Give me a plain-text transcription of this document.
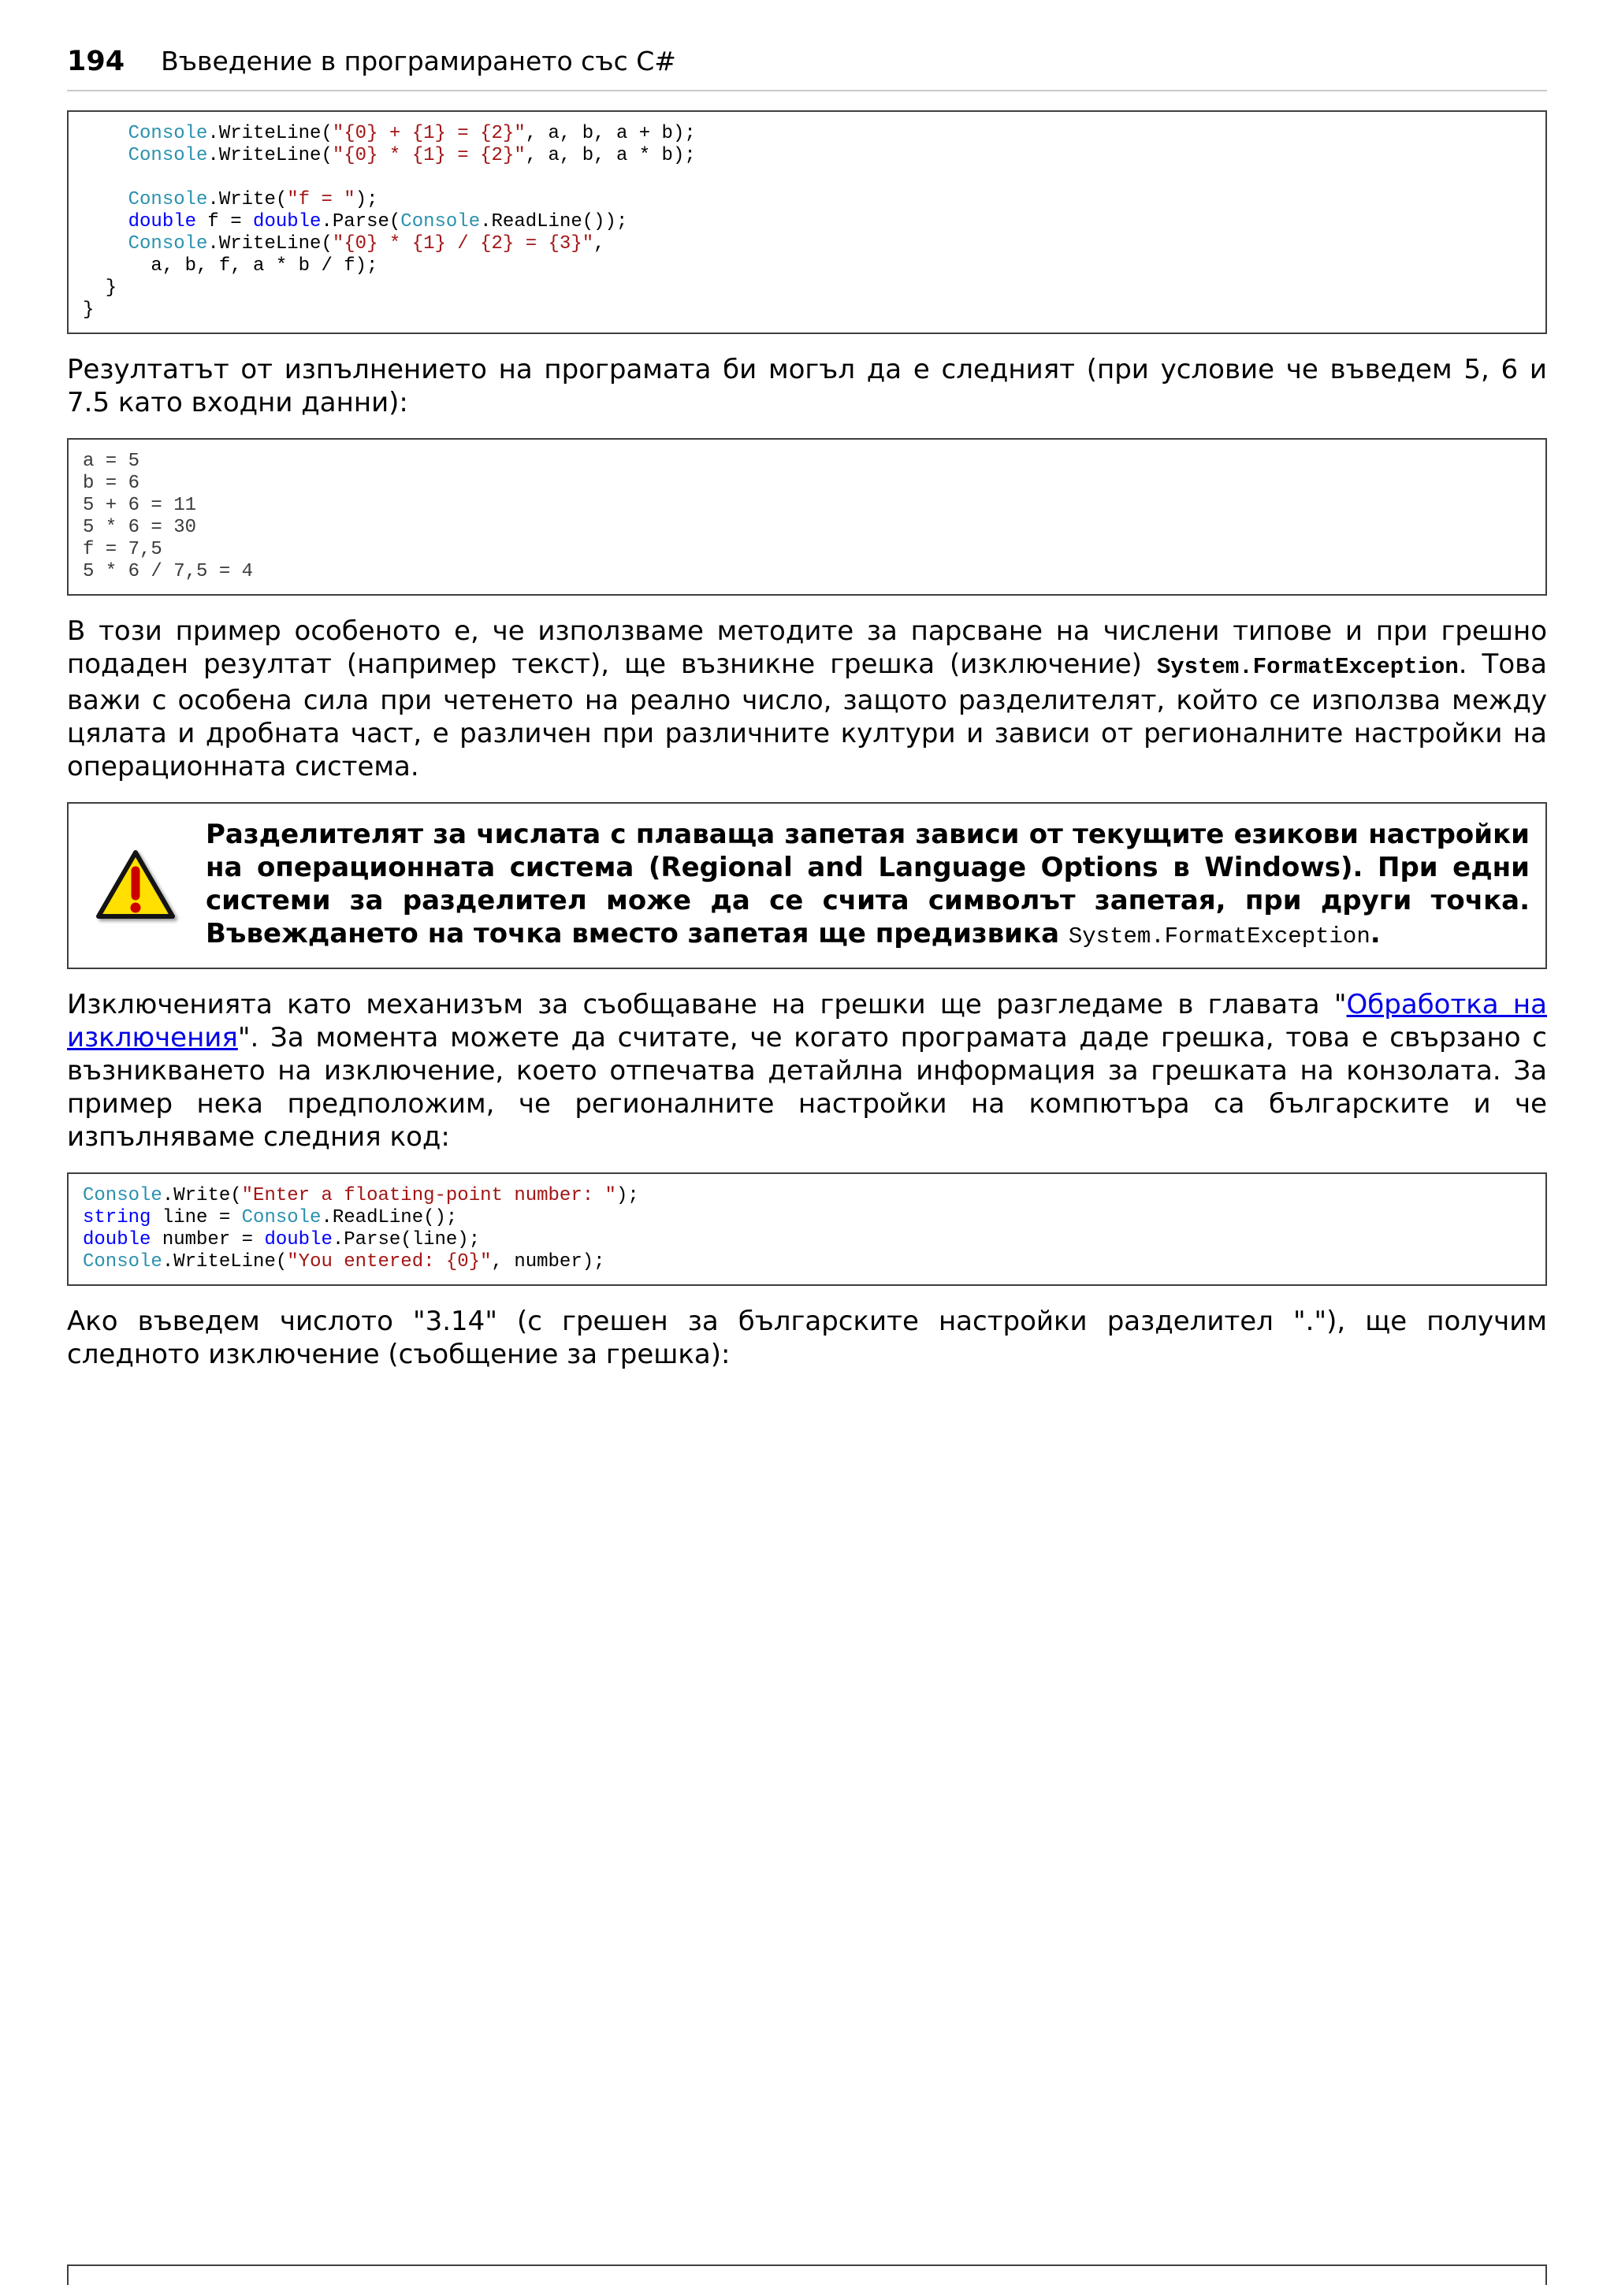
194 Въведение в програмирането със C#
Console.WriteLine("{0} + {1} = {2}", a, b, a + b);
Console.WriteLine("{0} * {1} = {2}", a, b, a * b);

Console.Write("f = ");
double f = double.Parse(Console.ReadLine());
Console.WriteLine("{0} * {1} / {2} = {3}",
a, b, f, a * b / f);
}
}

Резултатът от изпълнението на програмата би могъл да е следният (при условие че въведем 5, 6 и 7.5 като входни данни):

a = 5
b = 6
5 + 6 = 11
5 * 6 = 30
f = 7,5
5 * 6 / 7,5 = 4

В този пример особеното е, че използваме методите за парсване на числени типове и при грешно подаден резултат (например текст), ще възникне грешка (изключение) System.FormatException. Това важи с особена сила при четенето на реално число, защото разделителят, който се използва между цялата и дробната част, е различен при различните култури и зависи от регионалните настройки на операционната система.

Разделителят за числата с плаваща запетая зависи от текущите езикови настройки на операционната система (Regional and Language Options в Windows). При едни системи за разделител може да се счита символът запетая, при други точка. Въвеждането на точка вместо запетая ще предизвика System.FormatException.

Изключенията като механизъм за съобщаване на грешки ще разгледаме в главата "Обработка на изключения". За момента можете да считате, че когато програмата даде грешка, това е свързано с възникването на изключение, което отпечатва детайлна информация за грешката на конзолата. За пример нека предположим, че регионалните настройки на компютъра са българските и че изпълняваме следния код:

Console.Write("Enter a floating-point number: ");
string line = Console.ReadLine();
double number = double.Parse(line);
Console.WriteLine("You entered: {0}", number);

Ако въведем числото "3.14" (с грешен за българските настройки разделител "."), ще получим следното изключение (съобщение за грешка):
